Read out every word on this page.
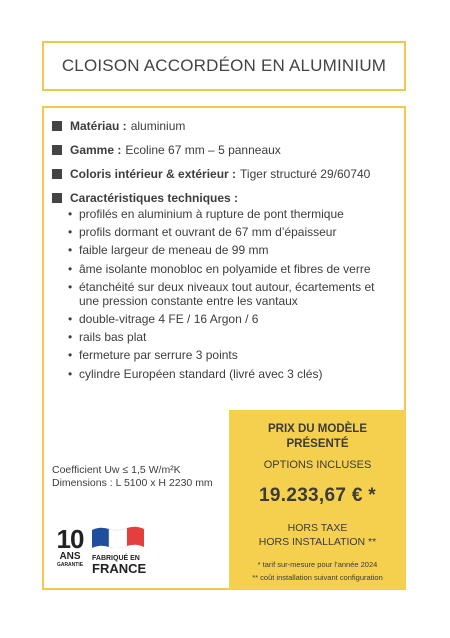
CLOISON ACCORDÉON EN ALUMINIUM
Matériau : aluminium
Gamme : Ecoline 67 mm – 5 panneaux
Coloris intérieur & extérieur : Tiger structuré 29/60740
Caractéristiques techniques :
• profilés en aluminium à rupture de pont thermique
• profils dormant et ouvrant de 67 mm d’épaisseur
• faible largeur de meneau de 99 mm
• âme isolante monobloc en polyamide et fibres de verre
• étanchéité sur deux niveaux tout autour, écartements et une pression constante entre les vantaux
• double-vitrage 4 FE / 16 Argon / 6
• rails bas plat
• fermeture par serrure 3 points
• cylindre Européen standard (livré avec 3 clés)
Coefficient Uw ≤ 1,5 W/m²K
Dimensions : L 5100 x H 2230 mm
PRIX DU MODÈLE
PRÉSENTÉ
OPTIONS INCLUSES
19.233,67 € *
HORS TAXE
HORS INSTALLATION **
* tarif sur-mesure pour l’année 2024
** coût installation suivant configuration
10
ANS
GARANTIE
FABRIQUÉ EN
FRANCE
